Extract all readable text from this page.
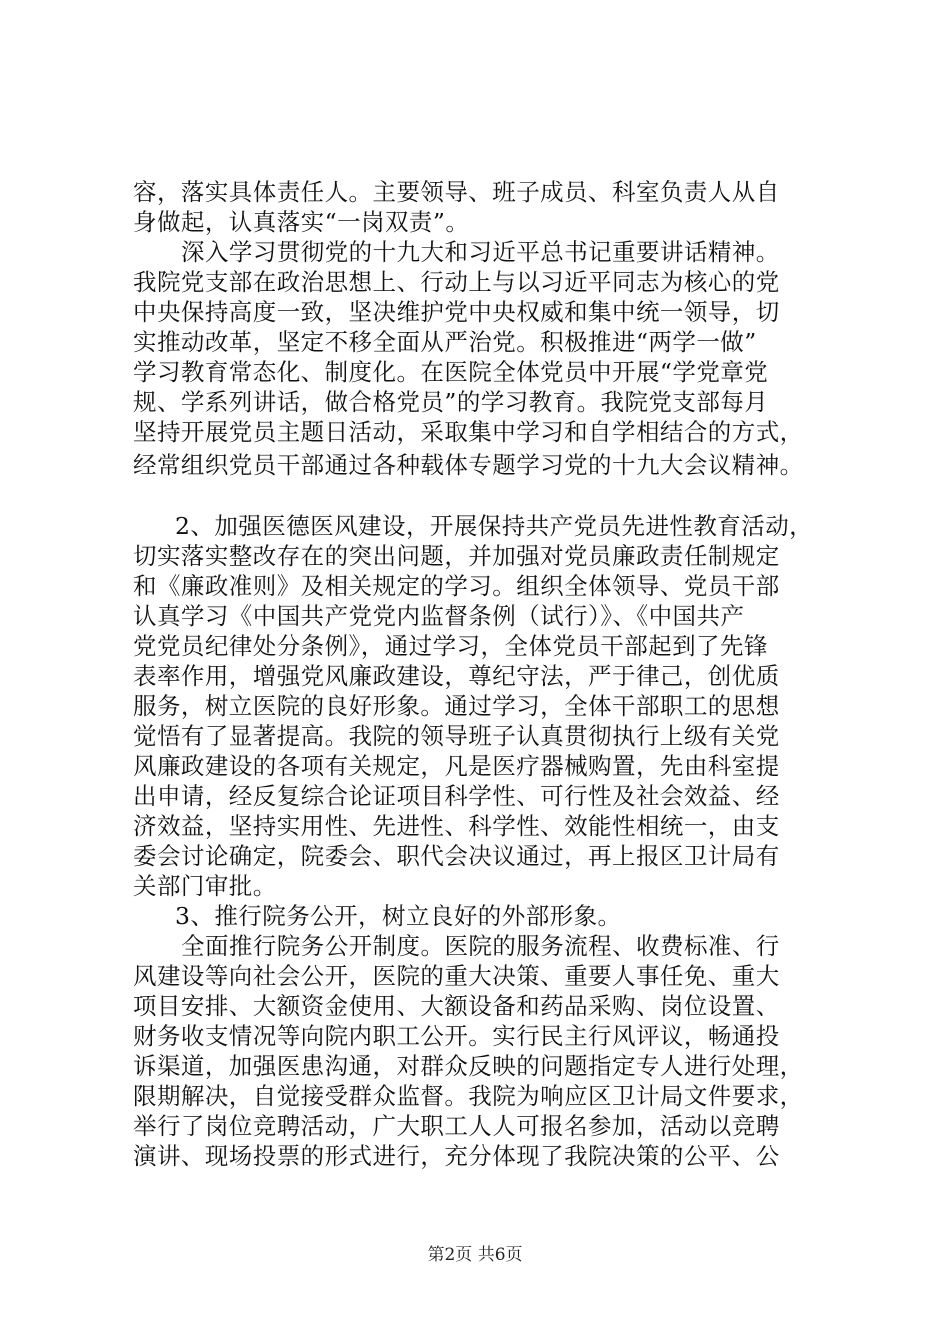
容，落实具体责任人。主要领导、班子成员、科室负责人从自
身做起，认真落实“一岗双责”。
深入学习贯彻党的十九大和习近平总书记重要讲话精神。
我院党支部在政治思想上、行动上与以习近平同志为核心的党
中央保持高度一致，坚决维护党中央权威和集中统一领导，切
实推动改革，坚定不移全面从严治党。积极推进“两学一做”
学习教育常态化、制度化。在医院全体党员中开展“学党章党
规、学系列讲话，做合格党员”的学习教育。我院党支部每月
坚持开展党员主题日活动，采取集中学习和自学相结合的方式，
经常组织党员干部通过各种载体专题学习党的十九大会议精神。
2、加强医德医风建设，开展保持共产党员先进性教育活动，
切实落实整改存在的突出问题，并加强对党员廉政责任制规定
和《廉政准则》及相关规定的学习。组织全体领导、党员干部
认真学习《中国共产党党内监督条例（试行）》、《中国共产
党党员纪律处分条例》，通过学习，全体党员干部起到了先锋
表率作用，增强党风廉政建设，尊纪守法，严于律己，创优质
服务，树立医院的良好形象。通过学习，全体干部职工的思想
觉悟有了显著提高。我院的领导班子认真贯彻执行上级有关党
风廉政建设的各项有关规定，凡是医疗器械购置，先由科室提
出申请，经反复综合论证项目科学性、可行性及社会效益、经
济效益，坚持实用性、先进性、科学性、效能性相统一，由支
委会讨论确定，院委会、职代会决议通过，再上报区卫计局有
关部门审批。
3、推行院务公开，树立良好的外部形象。
全面推行院务公开制度。医院的服务流程、收费标准、行
风建设等向社会公开，医院的重大决策、重要人事任免、重大
项目安排、大额资金使用、大额设备和药品采购、岗位设置、
财务收支情况等向院内职工公开。实行民主行风评议，畅通投
诉渠道，加强医患沟通，对群众反映的问题指定专人进行处理，
限期解决，自觉接受群众监督。我院为响应区卫计局文件要求，
举行了岗位竞聘活动，广大职工人人可报名参加，活动以竞聘
演讲、现场投票的形式进行，充分体现了我院决策的公平、公
第2页 共6页
